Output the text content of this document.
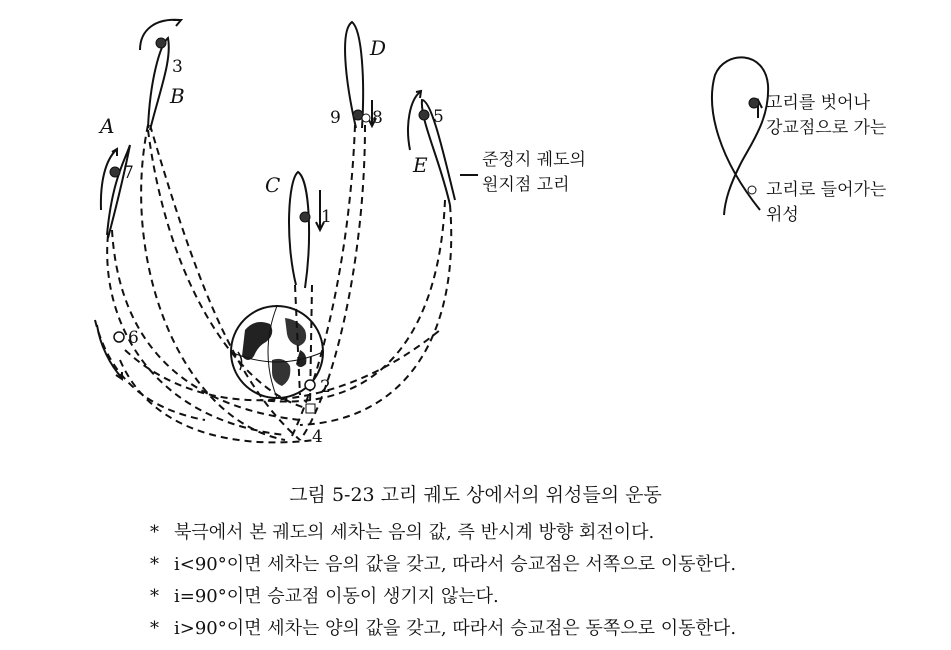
A
B
C
D
E
1
2
3
4
5
6
7
8
9
준정지 궤도의
원지점 고리
고리를 벗어나
강교점으로 가는
고리로 들어가는
위성
그림 5-23 고리 궤도 상에서의 위성들의 운동
* 북극에서 본 궤도의 세차는 음의 값, 즉 반시계 방향 회전이다.
* i<90°이면 세차는 음의 값을 갖고, 따라서 승교점은 서쪽으로 이동한다.
* i=90°이면 승교점 이동이 생기지 않는다.
* i>90°이면 세차는 양의 값을 갖고, 따라서 승교점은 동쪽으로 이동한다.
